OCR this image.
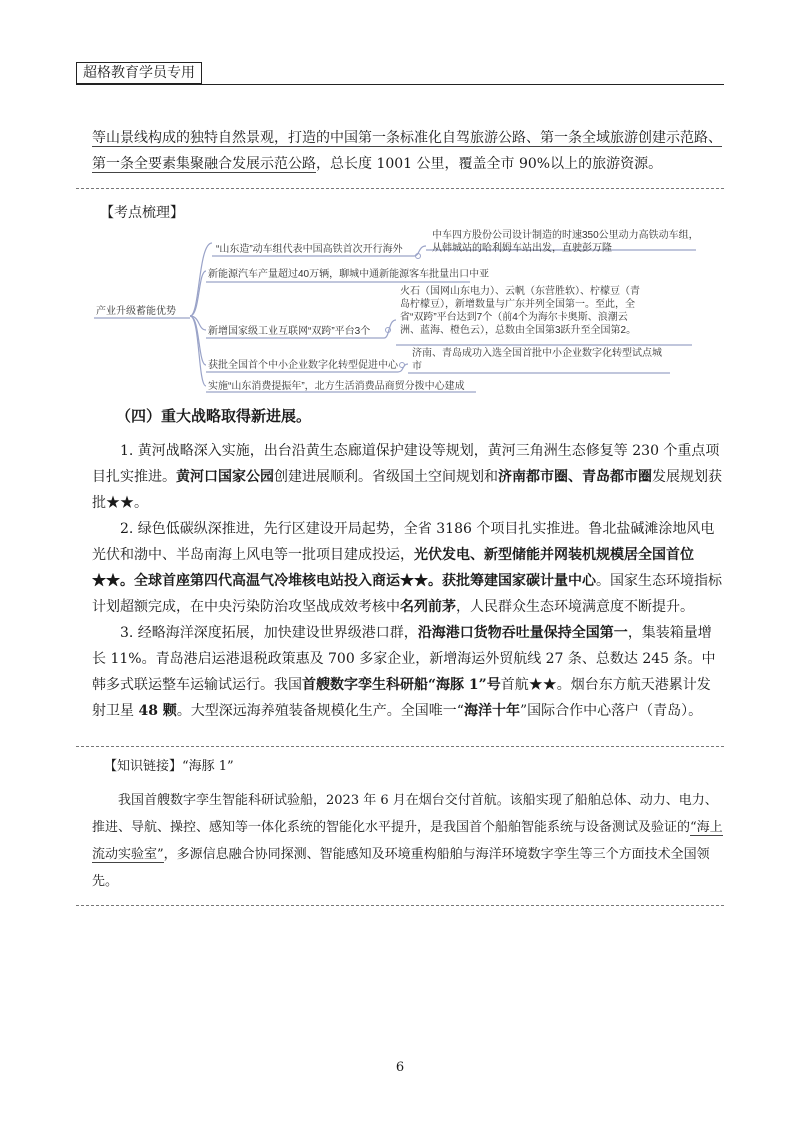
超格教育学员专用
等山景线构成的独特自然景观，打造的中国第一条标准化自驾旅游公路、第一条全域旅游创建示范路、第一条全要素集聚融合发展示范公路，总长度 1001 公里，覆盖全市 90%以上的旅游资源。
【考点梳理】
产业升级蓄能优势
“山东造”动车组代表中国高铁首次开行海外
中车四方股份公司设计制造的时速350公里动力高铁动车组，
从韩城站的哈利姆车站出发，直驶彭万隆
新能源汽车产量超过40万辆，聊城中通新能源客车批量出口中亚
新增国家级工业互联网“双跨”平台3个
火石（国网山东电力）、云帆（东营胜软）、柠檬豆（青
岛柠檬豆），新增数量与广东并列全国第一。至此，全
省“双跨”平台达到7个（前4个为海尔卡奥斯、浪潮云
洲、蓝海、橙色云），总数由全国第3跃升至全国第2。
获批全国首个中小企业数字化转型促进中心
济南、青岛成功入选全国首批中小企业数字化转型试点城
市
实施“山东消费提振年”，北方生活消费品商贸分拨中心建成
（四）重大战略取得新进展。
1. 黄河战略深入实施，出台沿黄生态廊道保护建设等规划，黄河三角洲生态修复等 230 个重点项目扎实推进。黄河口国家公园创建进展顺利。省级国土空间规划和济南都市圈、青岛都市圈发展规划获批★★。
2. 绿色低碳纵深推进，先行区建设开局起势，全省 3186 个项目扎实推进。鲁北盐碱滩涂地风电光伏和渤中、半岛南海上风电等一批项目建成投运，光伏发电、新型储能并网装机规模居全国首位★★。全球首座第四代高温气冷堆核电站投入商运★★。获批筹建国家碳计量中心。国家生态环境指标计划超额完成，在中央污染防治攻坚战成效考核中名列前茅，人民群众生态环境满意度不断提升。
3. 经略海洋深度拓展，加快建设世界级港口群，沿海港口货物吞吐量保持全国第一，集装箱量增长 11%。青岛港启运港退税政策惠及 700 多家企业，新增海运外贸航线 27 条、总数达 245 条。中韩多式联运整车运输试运行。我国首艘数字孪生科研船“海豚 1”号首航★★。烟台东方航天港累计发射卫星 48 颗。大型深远海养殖装备规模化生产。全国唯一“海洋十年”国际合作中心落户（青岛）。
【知识链接】“海豚 1”
我国首艘数字孪生智能科研试验船，2023 年 6 月在烟台交付首航。该船实现了船舶总体、动力、电力、推进、导航、操控、感知等一体化系统的智能化水平提升，是我国首个船舶智能系统与设备测试及验证的“海上流动实验室”，多源信息融合协同探测、智能感知及环境重构船舶与海洋环境数字孪生等三个方面技术全国领先。
6
